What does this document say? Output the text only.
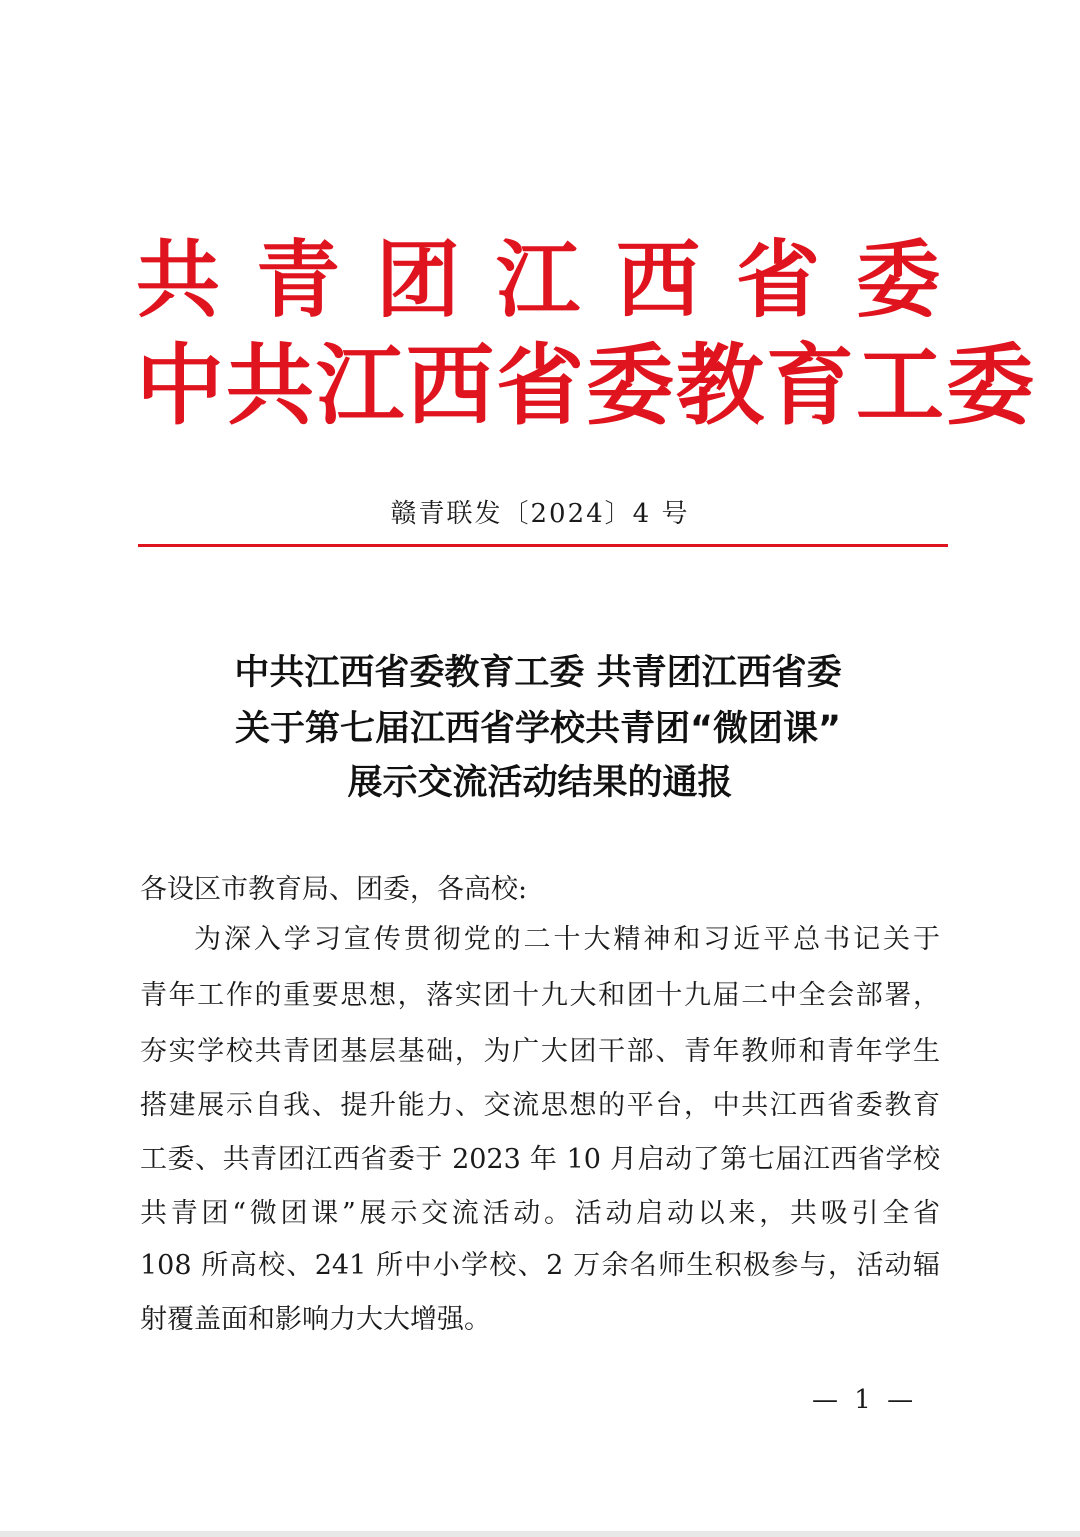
共青团江西省委
中共江西省委教育工委
赣青联发〔2024〕4 号
中共江西省委教育工委 共青团江西省委
关于第七届江西省学校共青团“微团课”
展示交流活动结果的通报
各设区市教育局、团委，各高校:
为深入学习宣传贯彻党的二十大精神和习近平总书记关于
青年工作的重要思想，落实团十九大和团十九届二中全会部署，
夯实学校共青团基层基础，为广大团干部、青年教师和青年学生
搭建展示自我、提升能力、交流思想的平台，中共江西省委教育
工委、共青团江西省委于 2023 年 10 月启动了第七届江西省学校
共青团“微团课”展示交流活动。活动启动以来，共吸引全省
108 所高校、241 所中小学校、2 万余名师生积极参与，活动辐
射覆盖面和影响力大大增强。
— 1 —
